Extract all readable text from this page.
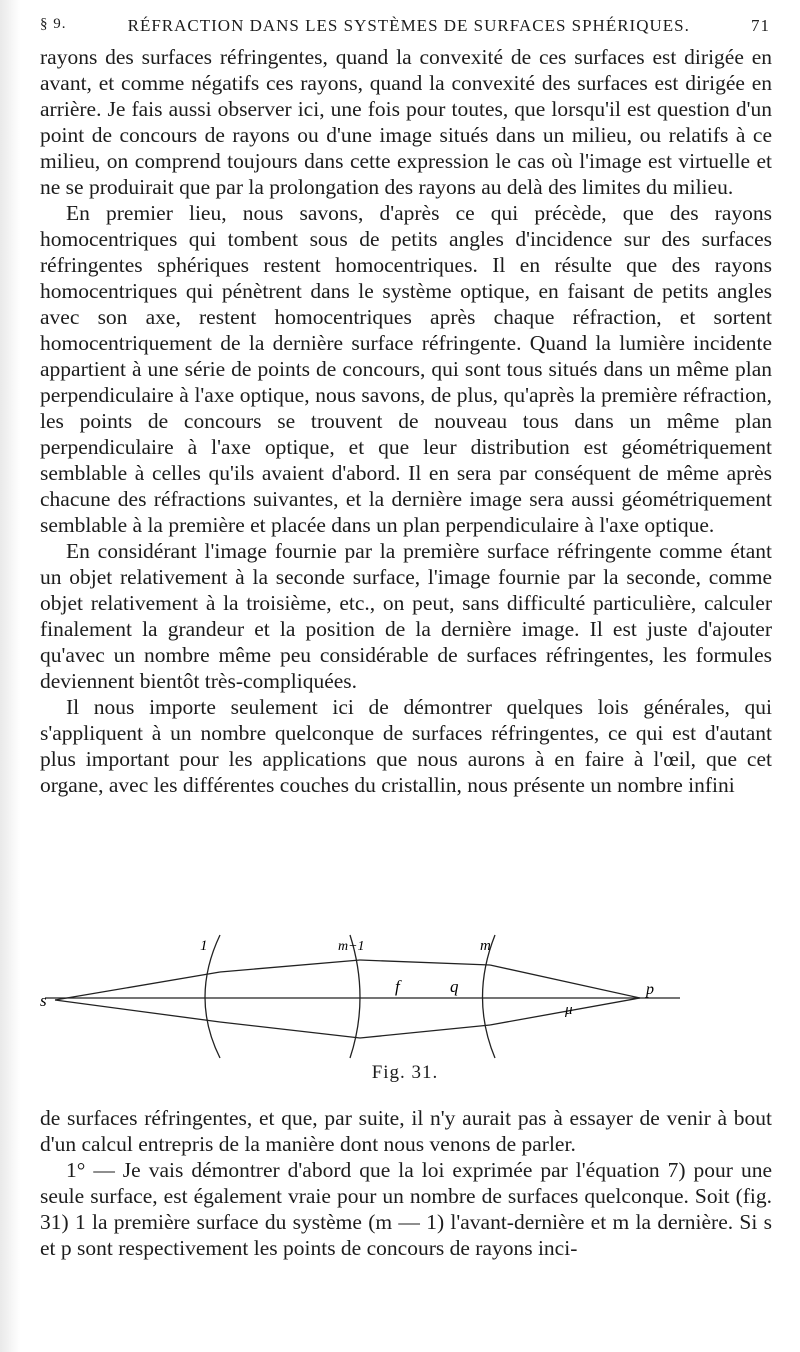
§ 9.	RÉFRACTION DANS LES SYSTÈMES DE SURFACES SPHÉRIQUES.	71

rayons des surfaces réfringentes, quand la convexité de ces surfaces est dirigée en avant, et comme négatifs ces rayons, quand la convexité des surfaces est dirigée en arrière. Je fais aussi observer ici, une fois pour toutes, que lorsqu'il est question d'un point de concours de rayons ou d'une image situés dans un milieu, ou relatifs à ce milieu, on comprend toujours dans cette expression le cas où l'image est virtuelle et ne se produirait que par la prolongation des rayons au delà des limites du milieu.

En premier lieu, nous savons, d'après ce qui précède, que des rayons homocentriques qui tombent sous de petits angles d'incidence sur des surfaces réfringentes sphériques restent homocentriques. Il en résulte que des rayons homocentriques qui pénètrent dans le système optique, en faisant de petits angles avec son axe, restent homocentriques après chaque réfraction, et sortent homocentriquement de la dernière surface réfringente. Quand la lumière incidente appartient à une série de points de concours, qui sont tous situés dans un même plan perpendiculaire à l'axe optique, nous savons, de plus, qu'après la première réfraction, les points de concours se trouvent de nouveau tous dans un même plan perpendiculaire à l'axe optique, et que leur distribution est géométriquement semblable à celles qu'ils avaient d'abord. Il en sera par conséquent de même après chacune des réfractions suivantes, et la dernière image sera aussi géométriquement semblable à la première et placée dans un plan perpendiculaire à l'axe optique.

En considérant l'image fournie par la première surface réfringente comme étant un objet relativement à la seconde surface, l'image fournie par la seconde, comme objet relativement à la troisième, etc., on peut, sans difficulté particulière, calculer finalement la grandeur et la position de la dernière image. Il est juste d'ajouter qu'avec un nombre même peu considérable de surfaces réfringentes, les formules deviennent bientôt très-compliquées.

Il nous importe seulement ici de démontrer quelques lois générales, qui s'appliquent à un nombre quelconque de surfaces réfringentes, ce qui est d'autant plus important pour les applications que nous aurons à en faire à l'œil, que cet organe, avec les différentes couches du cristallin, nous présente un nombre infini

s
1	m−1	m
f	q
μ
p
Fig. 31.

de surfaces réfringentes, et que, par suite, il n'y aurait pas à essayer de venir à bout d'un calcul entrepris de la manière dont nous venons de parler.

1° — Je vais démontrer d'abord que la loi exprimée par l'équation 7) pour une seule surface, est également vraie pour un nombre de surfaces quelconque. Soit (fig. 31) 1 la première surface du système (m — 1) l'avant-dernière et m la dernière. Si s et p sont respectivement les points de concours de rayons inci-
